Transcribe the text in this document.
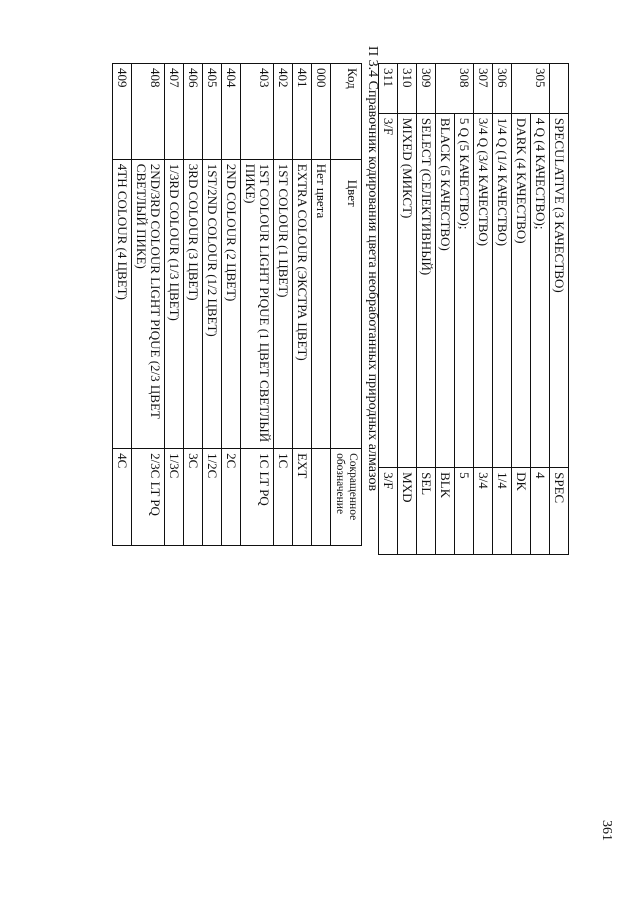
361
	SPECULATIVE (3 КАЧЕСТВО)	SPEC
305	4 Q (4 КАЧЕСТВО);	4
	DARK (4 КАЧЕСТВО)	DK
306	1/4 Q (1/4 КАЧЕСТВО)	1/4
307	3/4 Q (3/4 КАЧЕСТВО)	3/4
308	5 Q (5 КАЧЕСТВО);	5
	BLACK (5 КАЧЕСТВО)	BLK
309	SELECT (СЕЛЕКТИВНЫЙ)	SEL
310	MIXED (МИКСТ)	MXD
311	3/F	3/F
П 3.4 Справочник кодирования цвета необработанных природных алмазов
Код	Цвет	Сокращенное обозначение
000	Нет цвета	
401	EXTRA COLOUR (ЭКСТРА ЦВЕТ)	EXT
402	1ST COLOUR (1 ЦВЕТ)	1C
403	1ST COLOUR LIGHT PIQUE (1 ЦВЕТ СВЕТЛЫЙ ПИКЕ)	1C LT PQ
404	2ND COLOUR (2 ЦВЕТ)	2C
405	1ST/2ND COLOUR (1/2 ЦВЕТ)	1/2C
406	3RD COLOUR (3 ЦВЕТ)	3C
407	1/3RD COLOUR (1/3 ЦВЕТ)	1/3C
408	2ND/3RD COLOUR LIGHT PIQUE (2/3 ЦВЕТ СВЕТЛЫЙ ПИКЕ)	2/3C LT PQ
409	4TH COLOUR (4 ЦВЕТ)	4C
